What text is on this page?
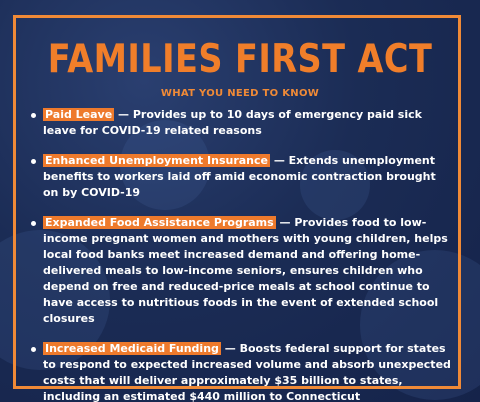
FAMILIES FIRST ACT
WHAT YOU NEED TO KNOW
Paid Leave — Provides up to 10 days of emergency paid sick leave for COVID-19 related reasons
Enhanced Unemployment Insurance — Extends unemployment benefits to workers laid off amid economic contraction brought on by COVID-19
Expanded Food Assistance Programs — Provides food to low-income pregnant women and mothers with young children, helps local food banks meet increased demand and offering home-delivered meals to low-income seniors, ensures children who depend on free and reduced-price meals at school continue to have access to nutritious foods in the event of extended school closures
Increased Medicaid Funding — Boosts federal support for states to respond to expected increased volume and absorb unexpected costs that will deliver approximately $35 billion to states, including an estimated $440 million to Connecticut
